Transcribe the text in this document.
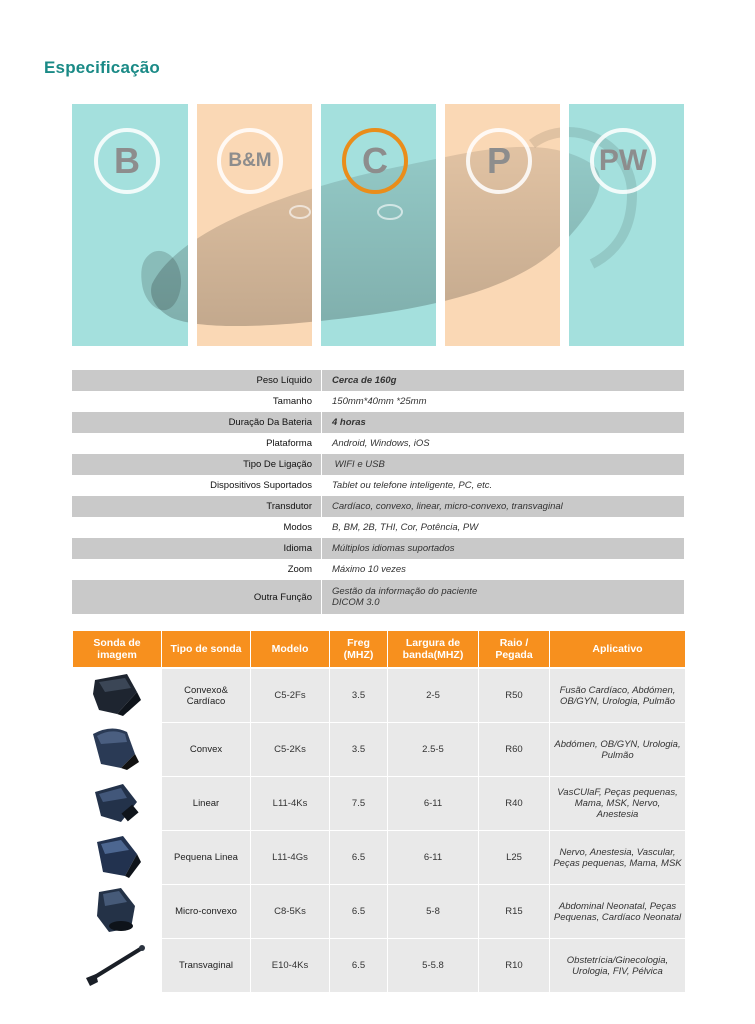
Especificação
B	B&M	C	P	PW
Peso Líquido	Cerca de 160g
Tamanho	150mm*40mm *25mm
Duração Da Bateria	4 horas
Plataforma	Android, Windows, iOS
Tipo De Ligação	WIFI e USB
Dispositivos Suportados	Tablet ou telefone inteligente, PC, etc.
Transdutor	Cardíaco, convexo, linear, micro-convexo, transvaginal
Modos	B, BM, 2B, THI, Cor, Potência, PW
Idioma	Múltiplos idiomas suportados
Zoom	Máximo 10 vezes
Outra Função	Gestão da informação do paciente
DICOM 3.0
Sonda de imagem	Tipo de sonda	Modelo	Freg (MHZ)	Largura de banda(MHZ)	Raio / Pegada	Aplicativo
	Convexo& Cardíaco	C5-2Fs	3.5	2-5	R50	Fusão Cardíaco, Abdómen, OB/GYN, Urologia, Pulmão
	Convex	C5-2Ks	3.5	2.5-5	R60	Abdómen, OB/GYN, Urologia, Pulmão
	Linear	L11-4Ks	7.5	6-11	R40	VasCUlaF, Peças pequenas, Mama, MSK, Nervo, Anestesia
	Pequena Linea	L11-4Gs	6.5	6-11	L25	Nervo, Anestesia, Vascular, Peças pequenas, Mama, MSK
	Micro-convexo	C8-5Ks	6.5	5-8	R15	Abdominal Neonatal, Peças Pequenas, Cardíaco Neonatal
	Transvaginal	E10-4Ks	6.5	5-5.8	R10	Obstetrícia/Ginecologia, Urologia, FIV, Pélvica
